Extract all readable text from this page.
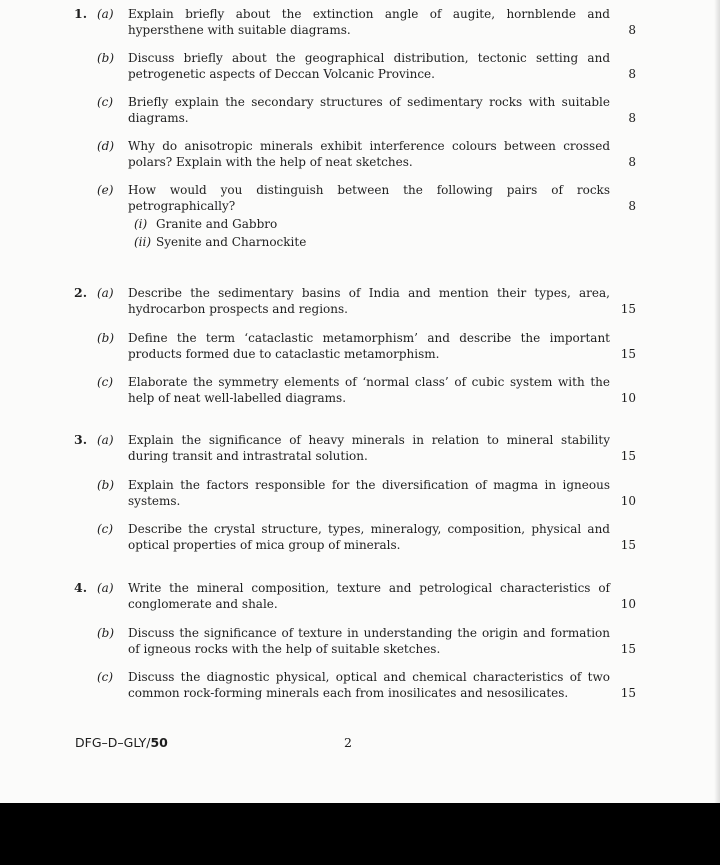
1. (a) Explain briefly about the extinction angle of augite, hornblende and
hypersthene with suitable diagrams.	8
(b) Discuss briefly about the geographical distribution, tectonic setting and
petrogenetic aspects of Deccan Volcanic Province.	8
(c) Briefly explain the secondary structures of sedimentary rocks with suitable
diagrams.	8
(d) Why do anisotropic minerals exhibit interference colours between crossed
polars? Explain with the help of neat sketches.	8
(e) How would you distinguish between the following pairs of rocks
petrographically?	8
(i) Granite and Gabbro
(ii) Syenite and Charnockite
2. (a) Describe the sedimentary basins of India and mention their types, area,
hydrocarbon prospects and regions.	15
(b) Define the term ‘cataclastic metamorphism’ and describe the important
products formed due to cataclastic metamorphism.	15
(c) Elaborate the symmetry elements of ‘normal class’ of cubic system with the
help of neat well-labelled diagrams.	10
3. (a) Explain the significance of heavy minerals in relation to mineral stability
during transit and intrastratal solution.	15
(b) Explain the factors responsible for the diversification of magma in igneous
systems.	10
(c) Describe the crystal structure, types, mineralogy, composition, physical and
optical properties of mica group of minerals.	15
4. (a) Write the mineral composition, texture and petrological characteristics of
conglomerate and shale.	10
(b) Discuss the significance of texture in understanding the origin and formation
of igneous rocks with the help of suitable sketches.	15
(c) Discuss the diagnostic physical, optical and chemical characteristics of two
common rock-forming minerals each from inosilicates and nesosilicates.	15
DFG–D–GLY/50	2
